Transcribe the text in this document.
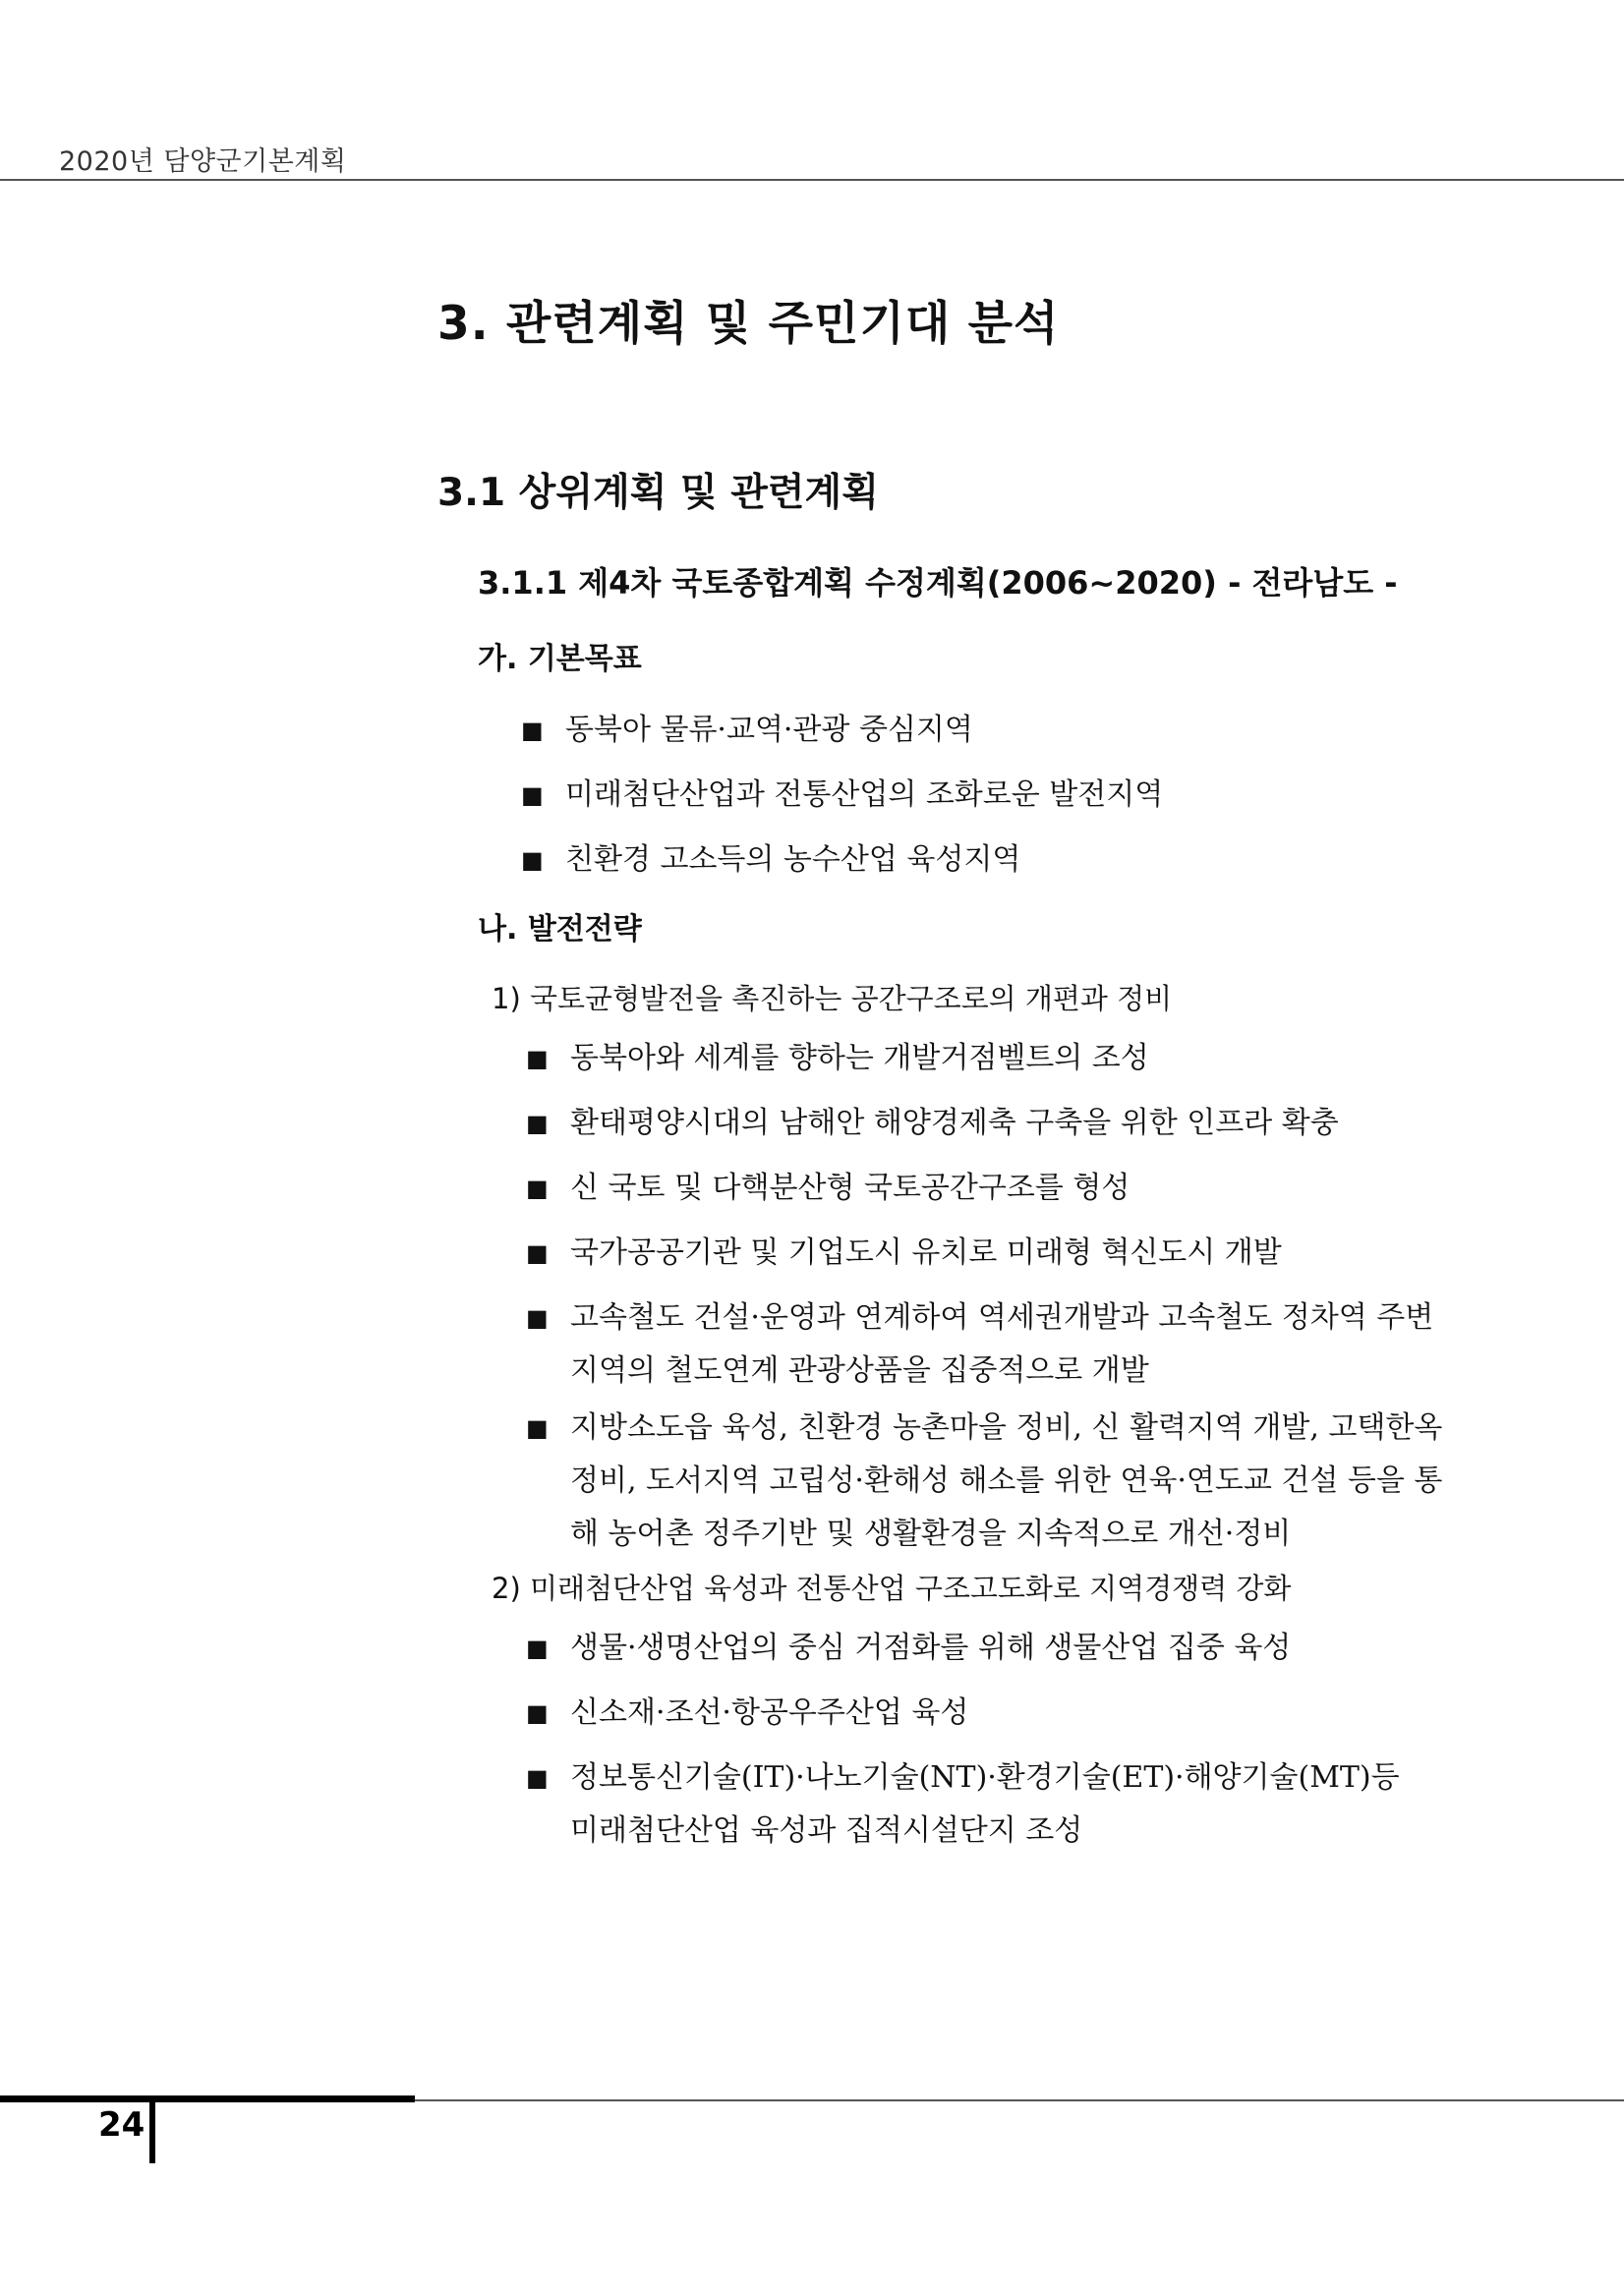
2020년 담양군기본계획
3. 관련계획 및 주민기대 분석
3.1 상위계획 및 관련계획
3.1.1 제4차 국토종합계획 수정계획(2006~2020) - 전라남도 -
가. 기본목표
■ 동북아 물류·교역·관광 중심지역
■ 미래첨단산업과 전통산업의 조화로운 발전지역
■ 친환경 고소득의 농수산업 육성지역
나. 발전전략
1) 국토균형발전을 촉진하는 공간구조로의 개편과 정비
■ 동북아와 세계를 향하는 개발거점벨트의 조성
■ 환태평양시대의 남해안 해양경제축 구축을 위한 인프라 확충
■ 신 국토 및 다핵분산형 국토공간구조를 형성
■ 국가공공기관 및 기업도시 유치로 미래형 혁신도시 개발
■ 고속철도 건설·운영과 연계하여 역세권개발과 고속철도 정차역 주변
지역의 철도연계 관광상품을 집중적으로 개발
■ 지방소도읍 육성, 친환경 농촌마을 정비, 신 활력지역 개발, 고택한옥
정비, 도서지역 고립성·환해성 해소를 위한 연육·연도교 건설 등을 통
해 농어촌 정주기반 및 생활환경을 지속적으로 개선·정비
2) 미래첨단산업 육성과 전통산업 구조고도화로 지역경쟁력 강화
■ 생물·생명산업의 중심 거점화를 위해 생물산업 집중 육성
■ 신소재·조선·항공우주산업 육성
■ 정보통신기술(IT)·나노기술(NT)·환경기술(ET)·해양기술(MT)등
미래첨단산업 육성과 집적시설단지 조성
24
